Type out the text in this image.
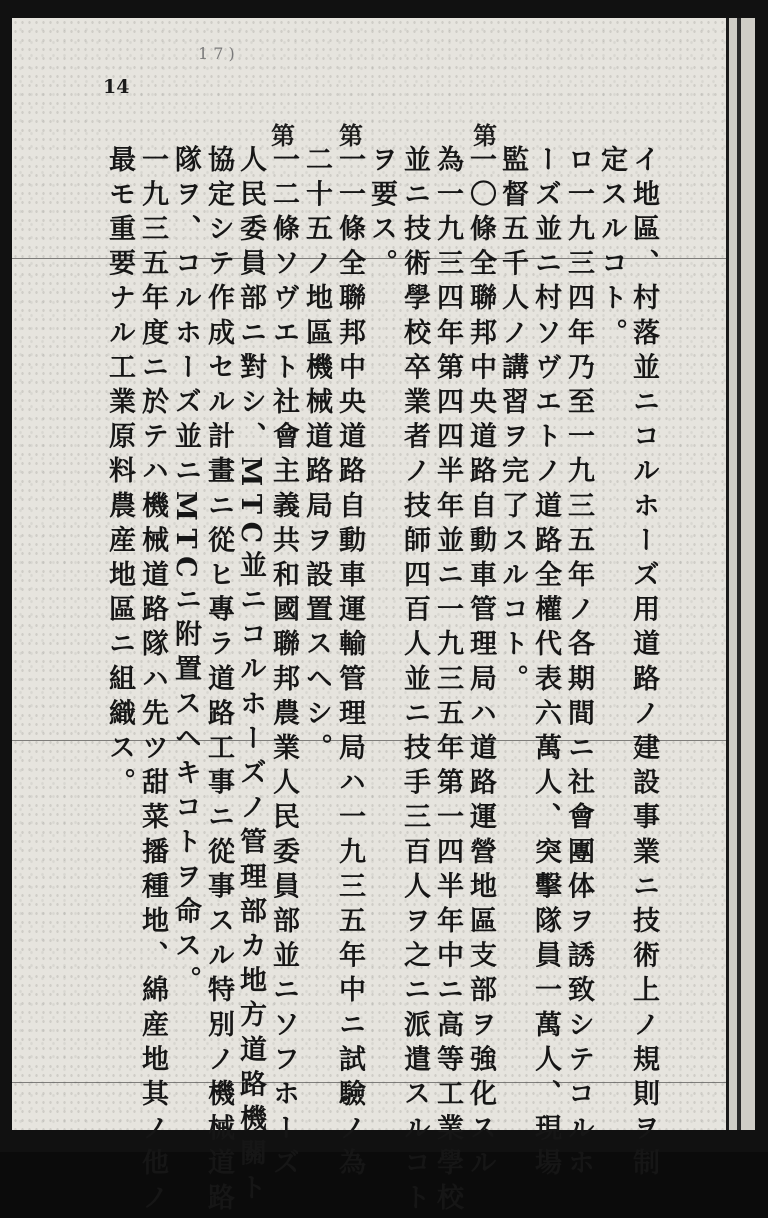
1 7 )
14
第
第
第
イ地區、村落並ニコルホーズ用道路ノ建設事業ニ技術上ノ規則ヲ制
定スルコト。
ロ一九三四年乃至一九三五年ノ各期間ニ社會團体ヲ誘致シテコルホ
ーズ並ニ村ソヴエトノ道路全權代表六萬人、突擊隊員一萬人、現場
監督五千人ノ講習ヲ完了スルコト。
一〇條全聯邦中央道路自動車管理局ハ道路運營地區支部ヲ強化スル
為一九三四年第四四半年並ニ一九三五年第一四半年中ニ高等工業學校
並ニ技術學校卒業者ノ技師四百人並ニ技手三百人ヲ之ニ派遣スルコト
ヲ要ス。
一一條全聯邦中央道路自動車運輸管理局ハ一九三五年中ニ試驗ノ為
二十五ノ地區機械道路局ヲ設置スヘシ。
一二條ソヴエト社會主義共和國聯邦農業人民委員部並ニソフホーズ
人民委員部ニ對シ、MTC並ニコルホーズノ管理部カ地方道路機關ト
協定シテ作成セル計畫ニ從ヒ專ラ道路工事ニ從事スル特別ノ機械道路
隊ヲ、コルホーズ並ニMTCニ附置スヘキコトヲ命ス。
一九三五年度ニ於テハ機械道路隊ハ先ツ甜菜播種地、綿産地其ノ他ノ
最モ重要ナル工業原料農産地區ニ組織ス。
